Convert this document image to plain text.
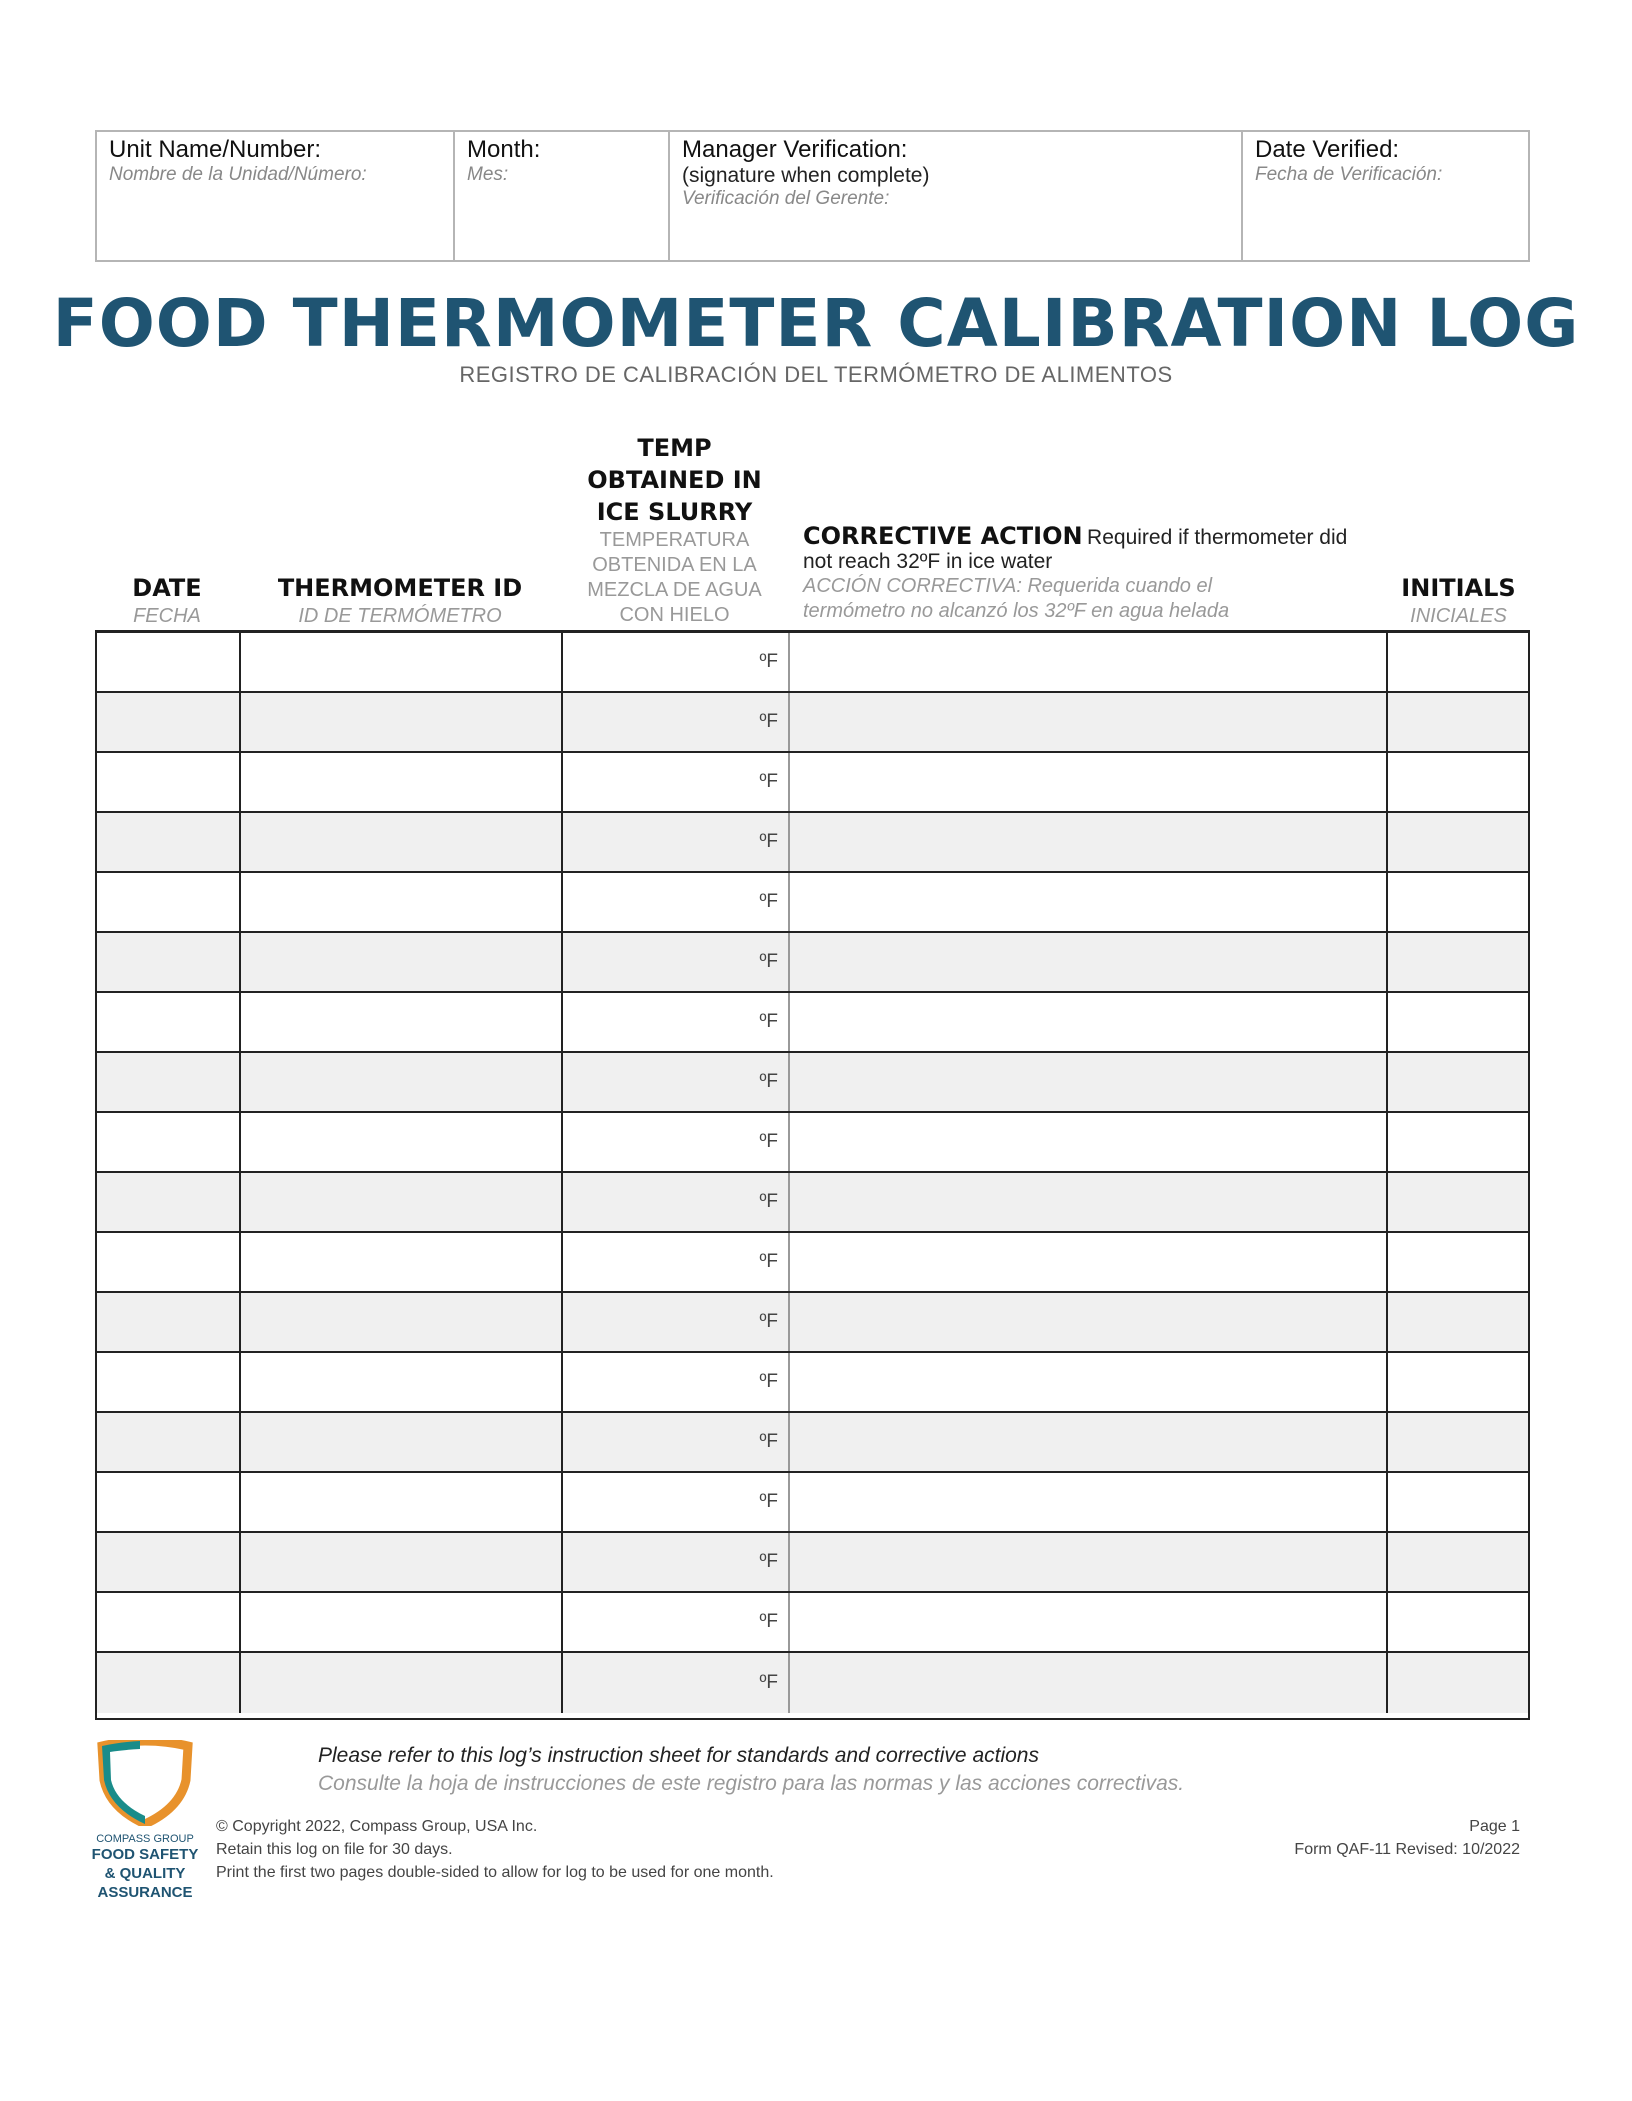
Unit Name/Number:
Nombre de la Unidad/Número:
Month:
Mes:
Manager Verification:
(signature when complete)
Verificación del Gerente:
Date Verified:
Fecha de Verificación:
FOOD THERMOMETER CALIBRATION LOG
REGISTRO DE CALIBRACIÓN DEL TERMÓMETRO DE ALIMENTOS
DATE
FECHA
THERMOMETER ID
ID DE TERMÓMETRO
TEMP
OBTAINED IN
ICE SLURRY
TEMPERATURA
OBTENIDA EN LA
MEZCLA DE AGUA
CON HIELO
CORRECTIVE ACTION Required if thermometer did
not reach 32ºF in ice water
ACCIÓN CORRECTIVA: Requerida cuando el
termómetro no alcanzó los 32ºF en agua helada
INITIALS
INICIALES
ºF
ºF
ºF
ºF
ºF
ºF
ºF
ºF
ºF
ºF
ºF
ºF
ºF
ºF
ºF
ºF
ºF
ºF
COMPASS GROUP
FOOD SAFETY
& QUALITY
ASSURANCE
Please refer to this log’s instruction sheet for standards and corrective actions
Consulte la hoja de instrucciones de este registro para las normas y las acciones correctivas.
© Copyright 2022, Compass Group, USA Inc.
Retain this log on file for 30 days.
Print the first two pages double-sided to allow for log to be used for one month.
Page 1
Form QAF-11 Revised: 10/2022
